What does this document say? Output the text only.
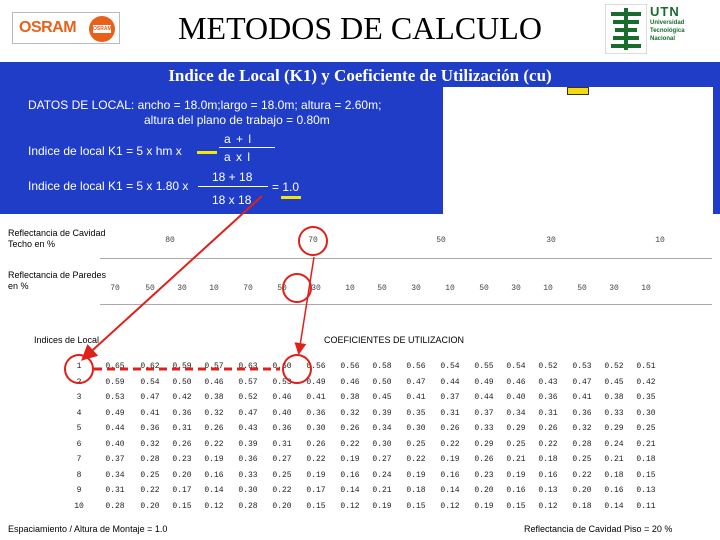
OSRAM	OSRAM	METODOS DE CALCULO	UTN
Universidad
Tecnológica
Nacional
Indice de Local (K1) y Coeficiente de Utilización (cu)
DATOS DE LOCAL: ancho = 18.0m;largo = 18.0m; altura = 2.60m;
altura del plano de trabajo = 0.80m
Indice de local K1 = 5 x hm x
a + l
a x l
Indice de local K1 = 5 x 1.80 x
18 + 18
18 x 18
= 1.0
Reflectancia de Cavidad Techo en %
Reflectancia de Paredes en %
Indices de Local	COEFICIENTES DE UTILIZACION
80	70	50	30	10
70	50	30	10	70	50	30	10	50	30	10	50	30	10	50	30	10
1	0.65	0.62	0.59	0.57	0.63	0.60	0.56	0.56	0.58	0.56	0.54	0.55	0.54	0.52	0.53	0.52	0.51
2	0.59	0.54	0.50	0.46	0.57	0.53	0.49	0.46	0.50	0.47	0.44	0.49	0.46	0.43	0.47	0.45	0.42
3	0.53	0.47	0.42	0.38	0.52	0.46	0.41	0.38	0.45	0.41	0.37	0.44	0.40	0.36	0.41	0.38	0.35
4	0.49	0.41	0.36	0.32	0.47	0.40	0.36	0.32	0.39	0.35	0.31	0.37	0.34	0.31	0.36	0.33	0.30
5	0.44	0.36	0.31	0.26	0.43	0.36	0.30	0.26	0.34	0.30	0.26	0.33	0.29	0.26	0.32	0.29	0.25
6	0.40	0.32	0.26	0.22	0.39	0.31	0.26	0.22	0.30	0.25	0.22	0.29	0.25	0.22	0.28	0.24	0.21
7	0.37	0.28	0.23	0.19	0.36	0.27	0.22	0.19	0.27	0.22	0.19	0.26	0.21	0.18	0.25	0.21	0.18
8	0.34	0.25	0.20	0.16	0.33	0.25	0.19	0.16	0.24	0.19	0.16	0.23	0.19	0.16	0.22	0.18	0.15
9	0.31	0.22	0.17	0.14	0.30	0.22	0.17	0.14	0.21	0.18	0.14	0.20	0.16	0.13	0.20	0.16	0.13
10	0.28	0.20	0.15	0.12	0.28	0.20	0.15	0.12	0.19	0.15	0.12	0.19	0.15	0.12	0.18	0.14	0.11
Espaciamiento / Altura de Montaje = 1.0	Reflectancia de Cavidad Piso = 20 %
